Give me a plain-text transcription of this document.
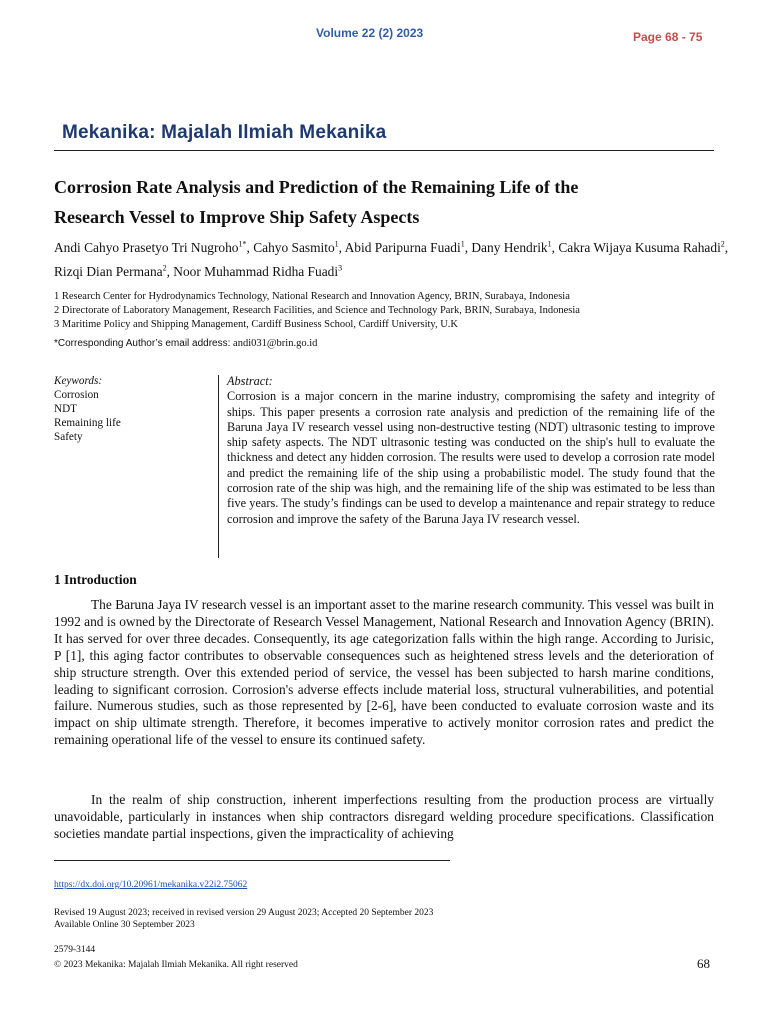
Volume 22 (2) 2023	Page 68 - 75
Mekanika: Majalah Ilmiah Mekanika
Corrosion Rate Analysis and Prediction of the Remaining Life of the
Research Vessel to Improve Ship Safety Aspects
Andi Cahyo Prasetyo Tri Nugroho$^{1*}$, Cahyo Sasmito$^1$, Abid Paripurna Fuadi$^1$, Dany Hendrik$^1$, Cakra Wijaya Kusuma Rahadi$^2$, Rizqi Dian Permana$^2$, Noor Muhammad Ridha Fuadi$^3$
1 Research Center for Hydrodynamics Technology, National Research and Innovation Agency, BRIN, Surabaya, Indonesia
2 Directorate of Laboratory Management, Research Facilities, and Science and Technology Park, BRIN, Surabaya, Indonesia
3 Maritime Policy and Shipping Management, Cardiff Business School, Cardiff University, U.K
*Corresponding Author’s email address: andi031@brin.go.id
Keywords:
Corrosion
NDT
Remaining life
Safety
Abstract:
Corrosion is a major concern in the marine industry, compromising the safety and integrity of ships. This paper presents a corrosion rate analysis and prediction of the remaining life of the Baruna Jaya IV research vessel using non-destructive testing (NDT) ultrasonic testing to improve ship safety aspects. The NDT ultrasonic testing was conducted on the ship's hull to evaluate the thickness and detect any hidden corrosion. The results were used to develop a corrosion rate model and predict the remaining life of the ship using a probabilistic model. The study found that the corrosion rate of the ship was high, and the remaining life of the ship was estimated to be less than five years. The study’s findings can be used to develop a maintenance and repair strategy to reduce corrosion and improve the safety of the Baruna Jaya IV research vessel.
1 Introduction
The Baruna Jaya IV research vessel is an important asset to the marine research community. This vessel was built in 1992 and is owned by the Directorate of Research Vessel Management, National Research and Innovation Agency (BRIN). It has served for over three decades. Consequently, its age categorization falls within the high range. According to Jurisic, P [1], this aging factor contributes to observable consequences such as heightened stress levels and the deterioration of ship structure strength. Over this extended period of service, the vessel has been subjected to harsh marine conditions, leading to significant corrosion. Corrosion's adverse effects include material loss, structural vulnerabilities, and potential failure. Numerous studies, such as those represented by [2-6], have been conducted to evaluate corrosion waste and its impact on ship ultimate strength. Therefore, it becomes imperative to actively monitor corrosion rates and predict the remaining operational life of the vessel to ensure its continued safety.
In the realm of ship construction, inherent imperfections resulting from the production process are virtually unavoidable, particularly in instances when ship contractors disregard welding procedure specifications. Classification societies mandate partial inspections, given the impracticality of achieving
https://dx.doi.org/10.20961/mekanika.v22i2.75062
Revised 19 August 2023; received in revised version 29 August 2023; Accepted 20 September 2023
Available Online 30 September 2023
2579-3144
© 2023 Mekanika: Majalah Ilmiah Mekanika. All right reserved	68
